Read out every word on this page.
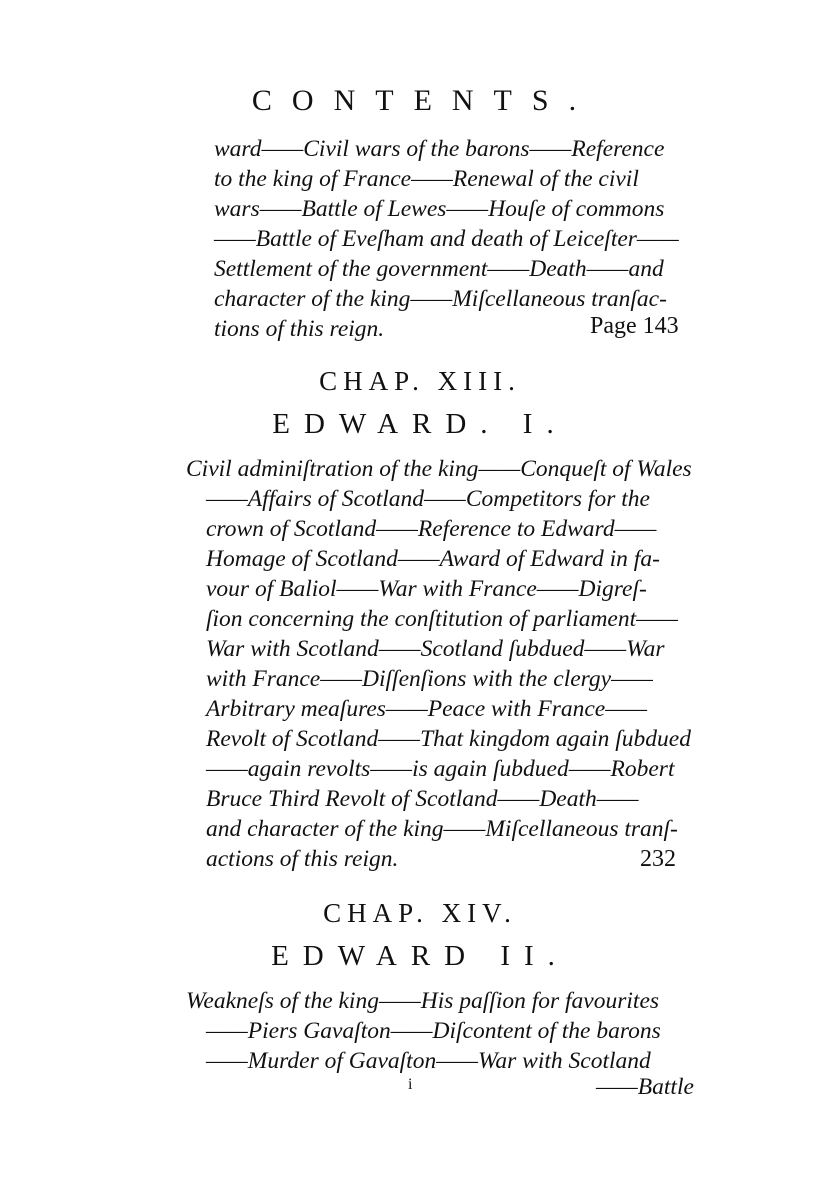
CONTENTS.
ward——Civil wars of the barons——Reference
to the king of France——Renewal of the civil
wars——Battle of Lewes——Houſe of commons
——Battle of Eveſham and death of Leiceſter——
Settlement of the government——Death——and
character of the king——Miſcellaneous tranſac-
tions of this reign.	Page 143
CHAP. XIII.
EDWARD. I.
Civil adminiſtration of the king——Conqueſt of Wales
——Affairs of Scotland——Competitors for the
crown of Scotland——Reference to Edward——
Homage of Scotland——Award of Edward in fa-
vour of Baliol——War with France——Digreſ-
ſion concerning the conſtitution of parliament——
War with Scotland——Scotland ſubdued——War
with France——Diſſenſions with the clergy——
Arbitrary meaſures——Peace with France——
Revolt of Scotland——That kingdom again ſubdued
——again revolts——is again ſubdued——Robert
Bruce Third Revolt of Scotland——Death——
and character of the king——Miſcellaneous tranſ-
actions of this reign.	232
CHAP. XIV.
EDWARD II.
Weakneſs of the king——His paſſion for favourites
——Piers Gavaſton——Diſcontent of the barons
——Murder of Gavaſton——War with Scotland
i	——Battle
